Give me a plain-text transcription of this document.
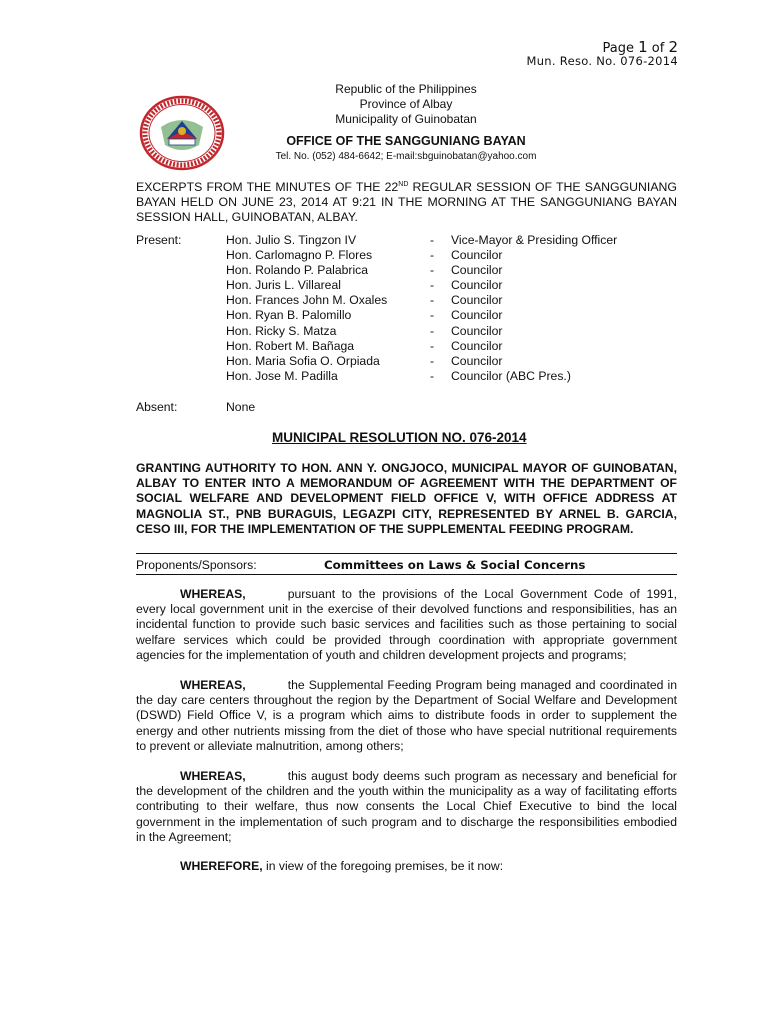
Page 1 of 2
Mun. Reso. No. 076-2014
Republic of the Philippines
Province of Albay
Municipality of Guinobatan
OFFICE OF THE SANGGUNIANG BAYAN
Tel. No. (052) 484-6642; E-mail:sbguinobatan@yahoo.com
EXCERPTS FROM THE MINUTES OF THE 22ND REGULAR SESSION OF THE SANGGUNIANG BAYAN HELD ON JUNE 23, 2014 AT 9:21 IN THE MORNING AT THE SANGGUNIANG BAYAN SESSION HALL, GUINOBATAN, ALBAY.
Present:	Hon. Julio S. Tingzon IV	-	Vice-Mayor & Presiding Officer
Hon. Carlomagno P. Flores	-	Councilor
Hon. Rolando P. Palabrica	-	Councilor
Hon. Juris L. Villareal	-	Councilor
Hon. Frances John M. Oxales	-	Councilor
Hon. Ryan B. Palomillo	-	Councilor
Hon. Ricky S. Matza	-	Councilor
Hon. Robert M. Bañaga	-	Councilor
Hon. Maria Sofia O. Orpiada	-	Councilor
Hon. Jose M. Padilla	-	Councilor (ABC Pres.)
Absent:	None
MUNICIPAL RESOLUTION NO. 076-2014
GRANTING AUTHORITY TO HON. ANN Y. ONGJOCO, MUNICIPAL MAYOR OF GUINOBATAN, ALBAY TO ENTER INTO A MEMORANDUM OF AGREEMENT WITH THE DEPARTMENT OF SOCIAL WELFARE AND DEVELOPMENT FIELD OFFICE V, WITH OFFICE ADDRESS AT MAGNOLIA ST., PNB BURAGUIS, LEGAZPI CITY, REPRESENTED BY ARNEL B. GARCIA, CESO III, FOR THE IMPLEMENTATION OF THE SUPPLEMENTAL FEEDING PROGRAM.
Proponents/Sponsors:	Committees on Laws & Social Concerns
WHEREAS,	pursuant to the provisions of the Local Government Code of 1991, every local government unit in the exercise of their devolved functions and responsibilities, has an incidental function to provide such basic services and facilities such as those pertaining to social welfare services which could be provided through coordination with appropriate government agencies for the implementation of youth and children development projects and programs;
WHEREAS,	the Supplemental Feeding Program being managed and coordinated in the day care centers throughout the region by the Department of Social Welfare and Development (DSWD) Field Office V, is a program which aims to distribute foods in order to supplement the energy and other nutrients missing from the diet of those who have special nutritional requirements to prevent or alleviate malnutrition, among others;
WHEREAS,	this august body deems such program as necessary and beneficial for the development of the children and the youth within the municipality as a way of facilitating efforts contributing to their welfare, thus now consents the Local Chief Executive to bind the local government in the implementation of such program and to discharge the responsibilities embodied in the Agreement;
WHEREFORE, in view of the foregoing premises, be it now:
